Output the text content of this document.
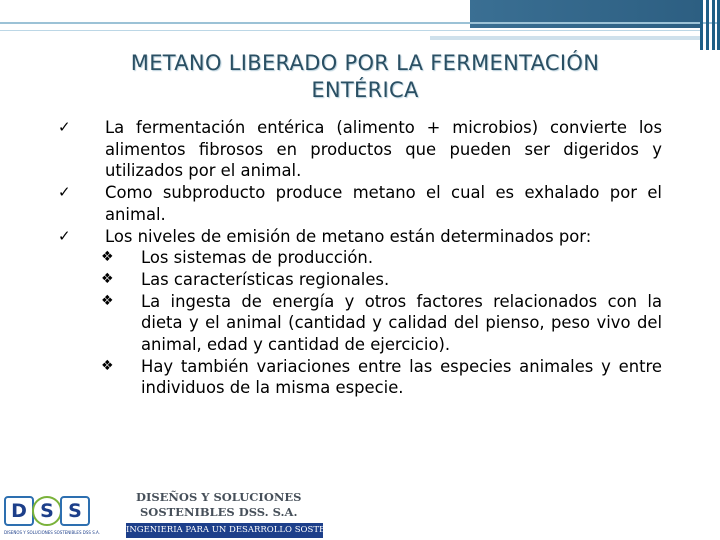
METANO LIBERADO POR LA FERMENTACIÓN
ENTÉRICA
✓ La fermentación entérica (alimento + microbios) convierte los alimentos fibrosos en productos que pueden ser digeridos y utilizados por el animal.
✓ Como subproducto produce metano el cual es exhalado por el animal.
✓ Los niveles de emisión de metano están determinados por:
❖ Los sistemas de producción.
❖ Las características regionales.
❖ La ingesta de energía y otros factores relacionados con la dieta y el animal (cantidad y calidad del pienso, peso vivo del animal, edad y cantidad de ejercicio).
❖ Hay también variaciones entre las especies animales y entre individuos de la misma especie.
D S S
DISEÑOS Y SOLUCIONES SOSTENIBLES DSS S.A.
DISEÑOS Y SOLUCIONES
SOSTENIBLES DSS. S.A.
INGENIERIA PARA UN DESARROLLO SOSTENIBLE
